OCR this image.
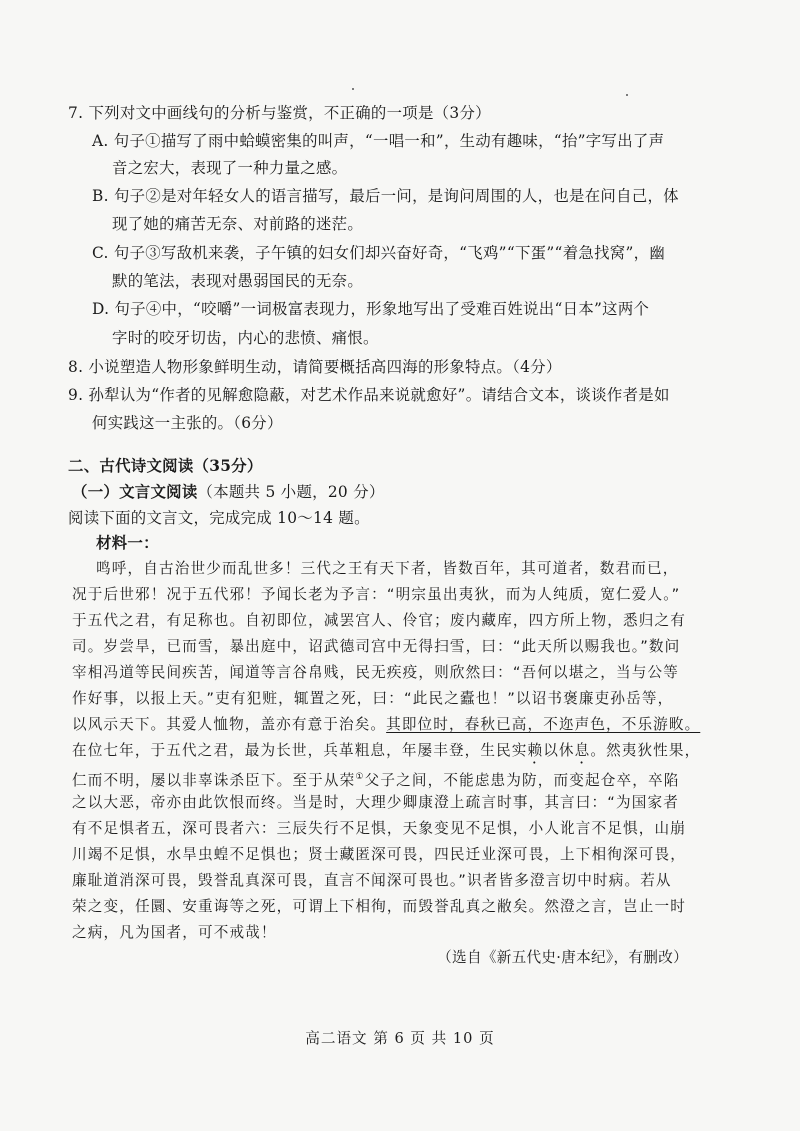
7. 下列对文中画线句的分析与鉴赏，不正确的一项是（3分）
A. 句子①描写了雨中蛤蟆密集的叫声，“一唱一和”，生动有趣味，“抬”字写出了声
音之宏大，表现了一种力量之感。
B. 句子②是对年轻女人的语言描写，最后一问，是询问周围的人，也是在问自己，体
现了她的痛苦无奈、对前路的迷茫。
C. 句子③写敌机来袭，子午镇的妇女们却兴奋好奇，“飞鸡”“下蛋”“着急找窝”，幽
默的笔法，表现对愚弱国民的无奈。
D. 句子④中，“咬嚼”一词极富表现力，形象地写出了受难百姓说出“日本”这两个
字时的咬牙切齿，内心的悲愤、痛恨。
8. 小说塑造人物形象鲜明生动，请简要概括高四海的形象特点。（4分）
9. 孙犁认为“作者的见解愈隐蔽，对艺术作品来说就愈好”。请结合文本，谈谈作者是如
何实践这一主张的。（6分）
二、古代诗文阅读（35分）
（一）文言文阅读（本题共 5 小题，20 分）
阅读下面的文言文，完成完成 10～14 题。
材料一：
鸣呼，自古治世少而乱世多！三代之王有天下者，皆数百年，其可道者，数君而已，
况于后世邪！况于五代邪！予闻长老为予言：“明宗虽出夷狄，而为人纯质，宽仁爱人。”
于五代之君，有足称也。自初即位，减罢宫人、伶官；废内藏库，四方所上物，悉归之有
司。岁尝旱，已而雪，暴出庭中，诏武德司宫中无得扫雪，曰：“此天所以赐我也。”数问
宰相冯道等民间疾苦，闻道等言谷帛贱，民无疾疫，则欣然曰：“吾何以堪之，当与公等
作好事，以报上天。”吏有犯赃，辄置之死，曰：“此民之蠹也！”以诏书褒廉吏孙岳等，
以风示天下。其爱人恤物，盖亦有意于治矣。其即位时，春秋已高，不迩声色，不乐游畋。
在位七年，于五代之君，最为长世，兵革粗息，年屡丰登，生民实赖以休息。然夷狄性果，
仁而不明，屡以非辜诛杀臣下。至于从荣①父子之间，不能虑患为防，而变起仓卒，卒陷
之以大恶，帝亦由此饮恨而终。当是时，大理少卿康澄上疏言时事，其言曰：“为国家者
有不足惧者五，深可畏者六：三辰失行不足惧，天象变见不足惧，小人讹言不足惧，山崩
川竭不足惧，水旱虫蝗不足惧也；贤士藏匿深可畏，四民迁业深可畏，上下相徇深可畏，
廉耻道消深可畏，毁誉乱真深可畏，直言不闻深可畏也。”识者皆多澄言切中时病。若从
荣之变，任圜、安重诲等之死，可谓上下相徇，而毁誉乱真之敝矣。然澄之言，岂止一时
之病，凡为国者，可不戒哉！
（选自《新五代史·唐本纪》，有删改）
高二语文 第 6 页 共 10 页
